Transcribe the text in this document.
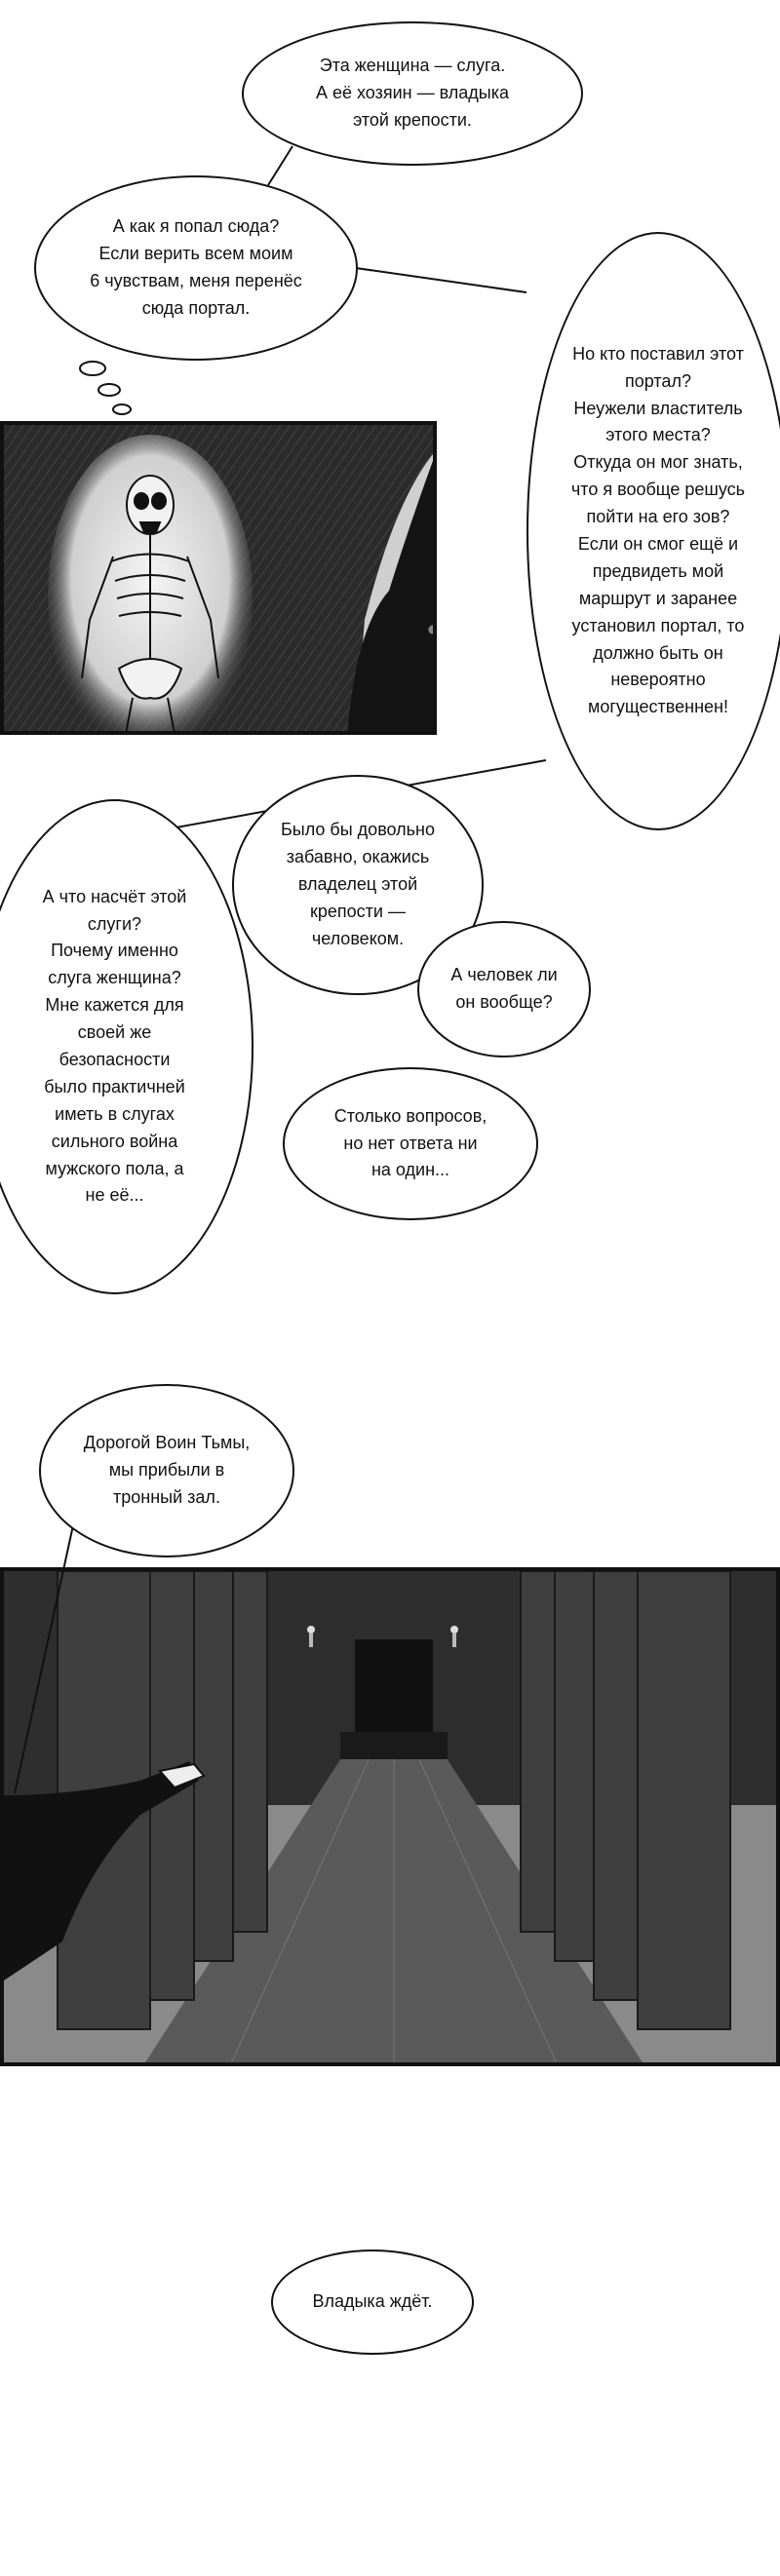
Эта женщина — слуга.
А её хозяин — владыка
этой крепости.
А как я попал сюда?
Если верить всем моим
6 чувствам, меня перенёс
сюда портал.
Но кто поставил этот
портал?
Неужели властитель
этого места?
Откуда он мог знать,
что я вообще решусь
пойти на его зов?
Если он смог ещё и
предвидеть мой
маршрут и заранее
установил портал, то
должно быть он
невероятно
могущественнен!
А что насчёт этой
слуги?
Почему именно
слуга женщина?
Мне кажется для
своей же
безопасности
было практичней
иметь в слугах
сильного война
мужского пола, а
не её...
Было бы довольно
забавно, окажись
владелец этой
крепости —
человеком.
А человек ли
он вообще?
Столько вопросов,
но нет ответа ни
на один...
Дорогой Воин Тьмы,
мы прибыли в
тронный зал.
Владыка ждёт.
